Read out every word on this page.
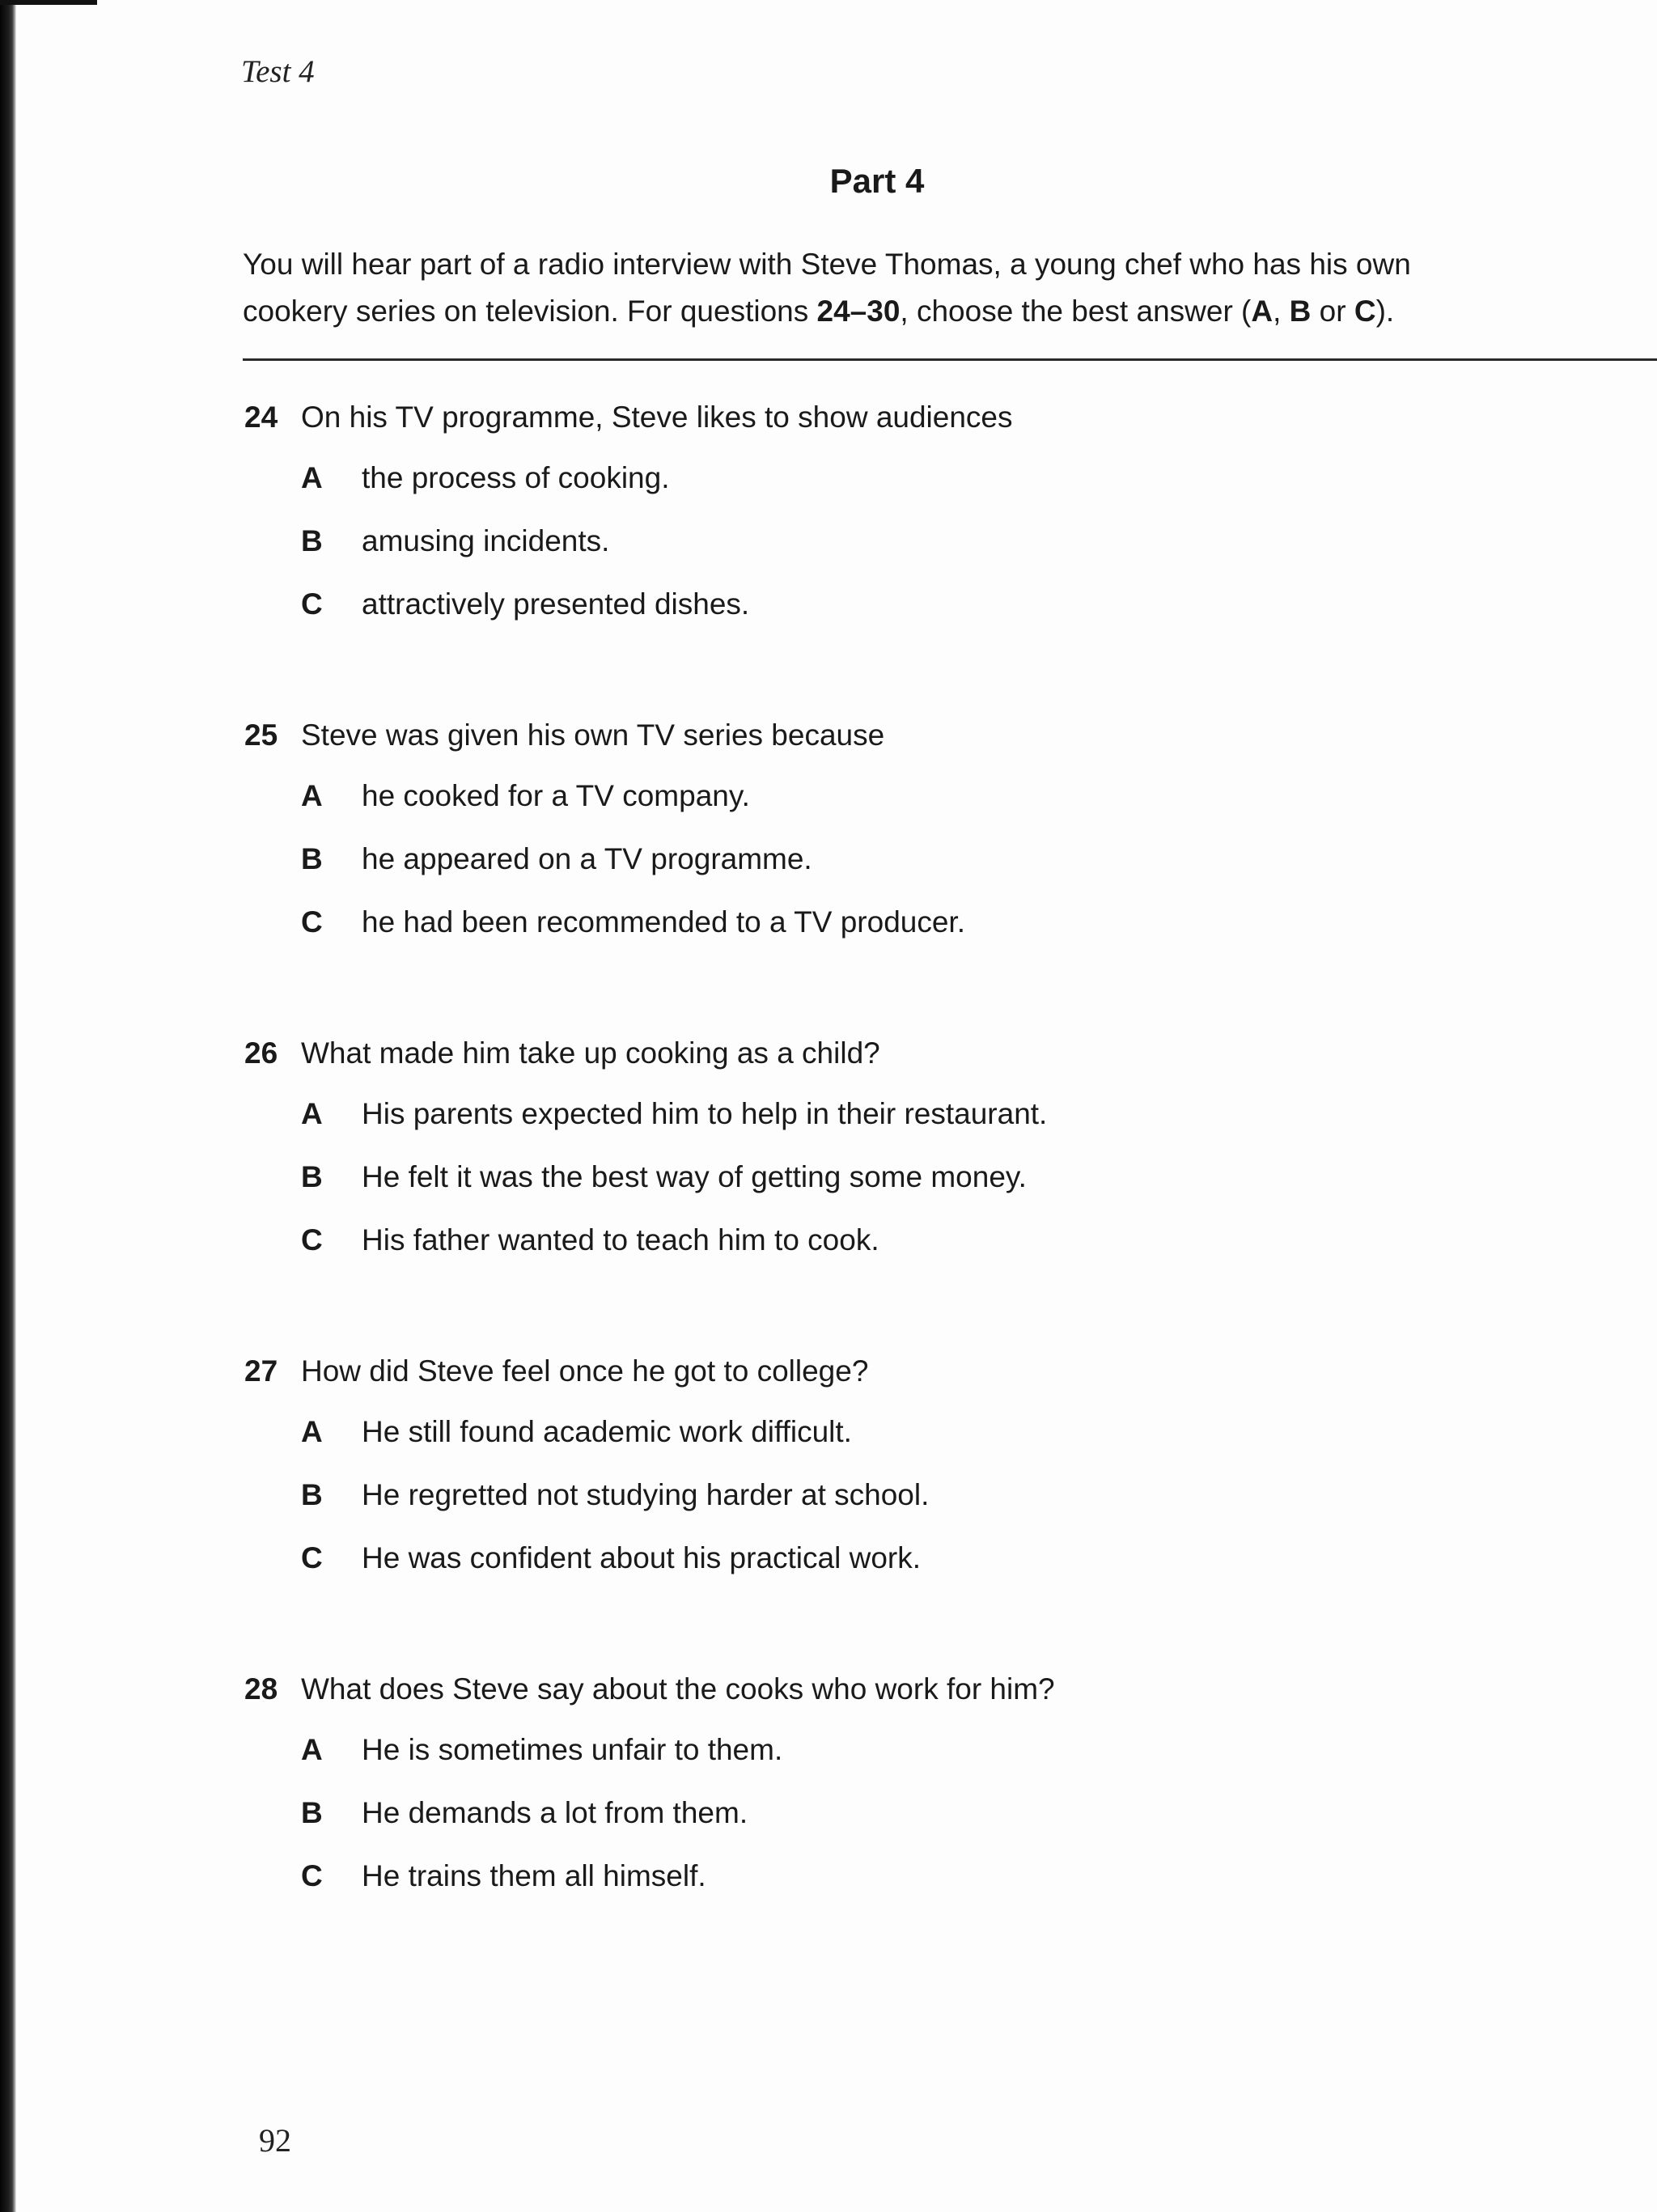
Test 4
Part 4
You will hear part of a radio interview with Steve Thomas, a young chef who has his own
cookery series on television. For questions 24–30, choose the best answer (A, B or C).
24 On his TV programme, Steve likes to show audiences
A the process of cooking.
B amusing incidents.
C attractively presented dishes.
25 Steve was given his own TV series because
A he cooked for a TV company.
B he appeared on a TV programme.
C he had been recommended to a TV producer.
26 What made him take up cooking as a child?
A His parents expected him to help in their restaurant.
B He felt it was the best way of getting some money.
C His father wanted to teach him to cook.
27 How did Steve feel once he got to college?
A He still found academic work difficult.
B He regretted not studying harder at school.
C He was confident about his practical work.
28 What does Steve say about the cooks who work for him?
A He is sometimes unfair to them.
B He demands a lot from them.
C He trains them all himself.
92
